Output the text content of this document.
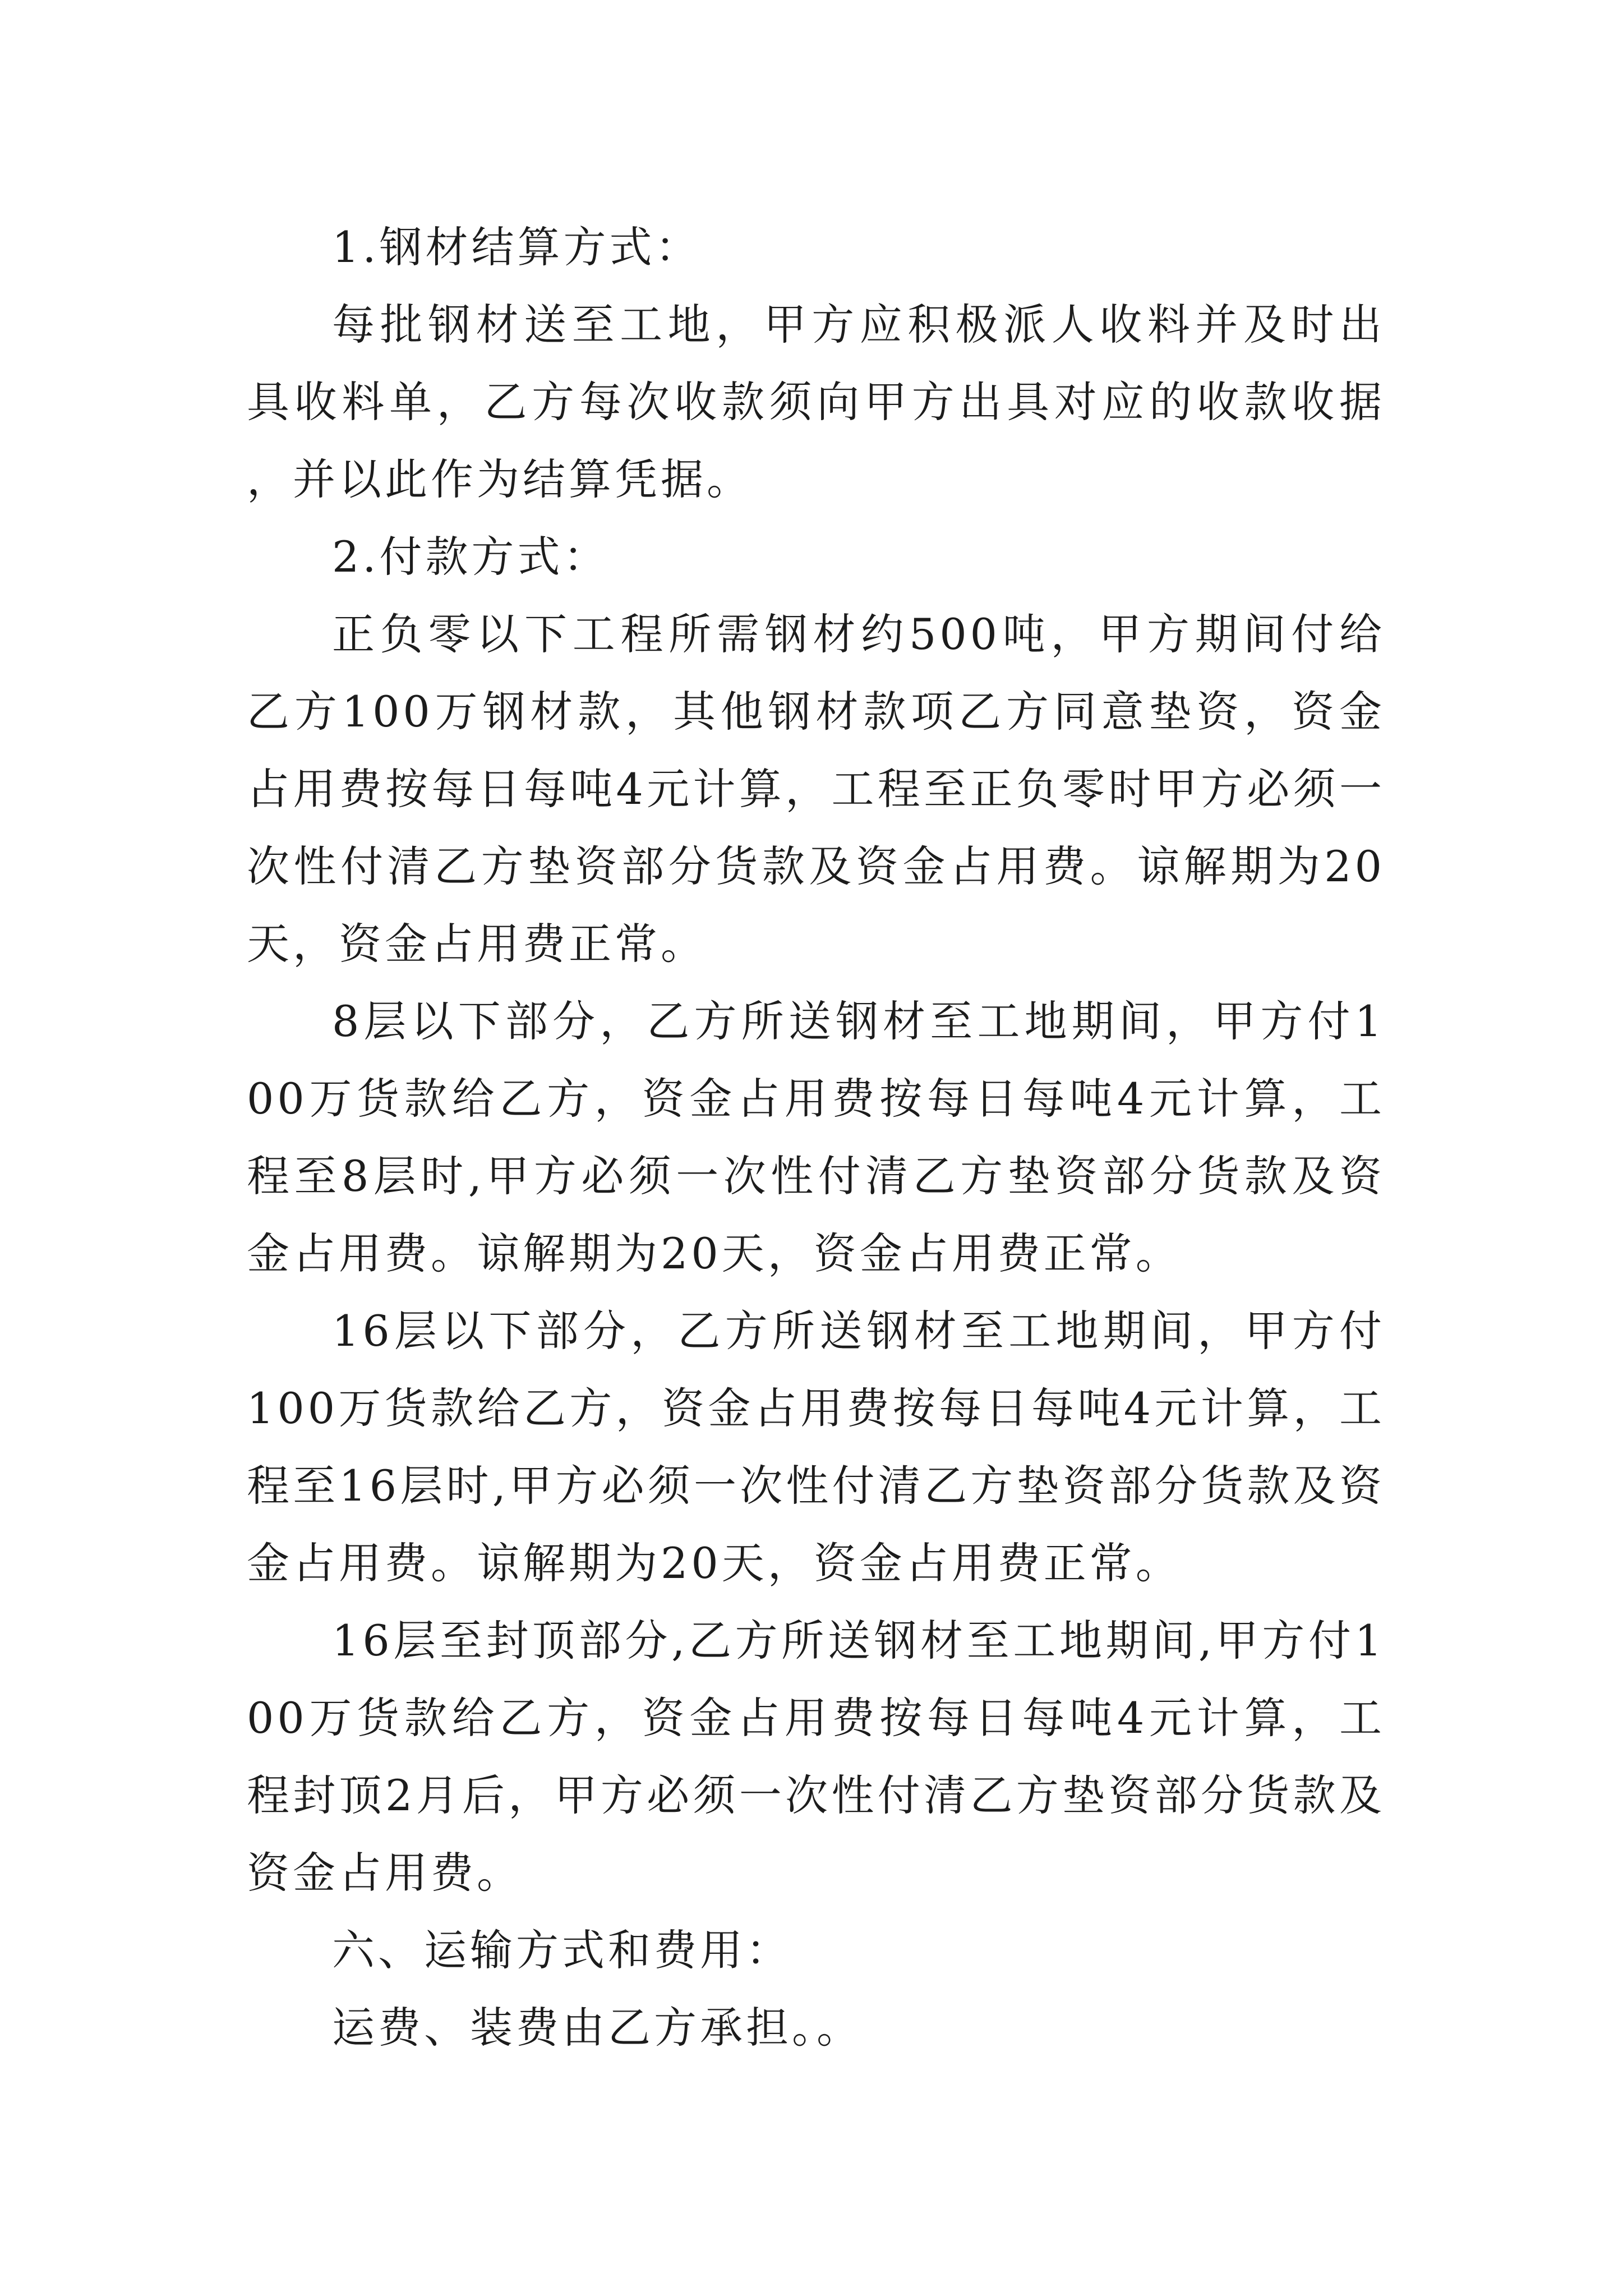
1.钢材结算方式：

每批钢材送至工地，甲方应积极派人收料并及时出具收料单，乙方每次收款须向甲方出具对应的收款收据，并以此作为结算凭据。

2.付款方式：

正负零以下工程所需钢材约500吨，甲方期间付给乙方100万钢材款，其他钢材款项乙方同意垫资，资金占用费按每日每吨4元计算，工程至正负零时甲方必须一次性付清乙方垫资部分货款及资金占用费。谅解期为20天，资金占用费正常。

8层以下部分，乙方所送钢材至工地期间，甲方付100万货款给乙方，资金占用费按每日每吨4元计算，工程至8层时,甲方必须一次性付清乙方垫资部分货款及资金占用费。谅解期为20天，资金占用费正常。

16层以下部分，乙方所送钢材至工地期间，甲方付100万货款给乙方，资金占用费按每日每吨4元计算，工程至16层时,甲方必须一次性付清乙方垫资部分货款及资金占用费。谅解期为20天，资金占用费正常。

16层至封顶部分,乙方所送钢材至工地期间,甲方付100万货款给乙方，资金占用费按每日每吨4元计算，工程封顶2月后，甲方必须一次性付清乙方垫资部分货款及资金占用费。

六、运输方式和费用：

运费、装费由乙方承担。。
